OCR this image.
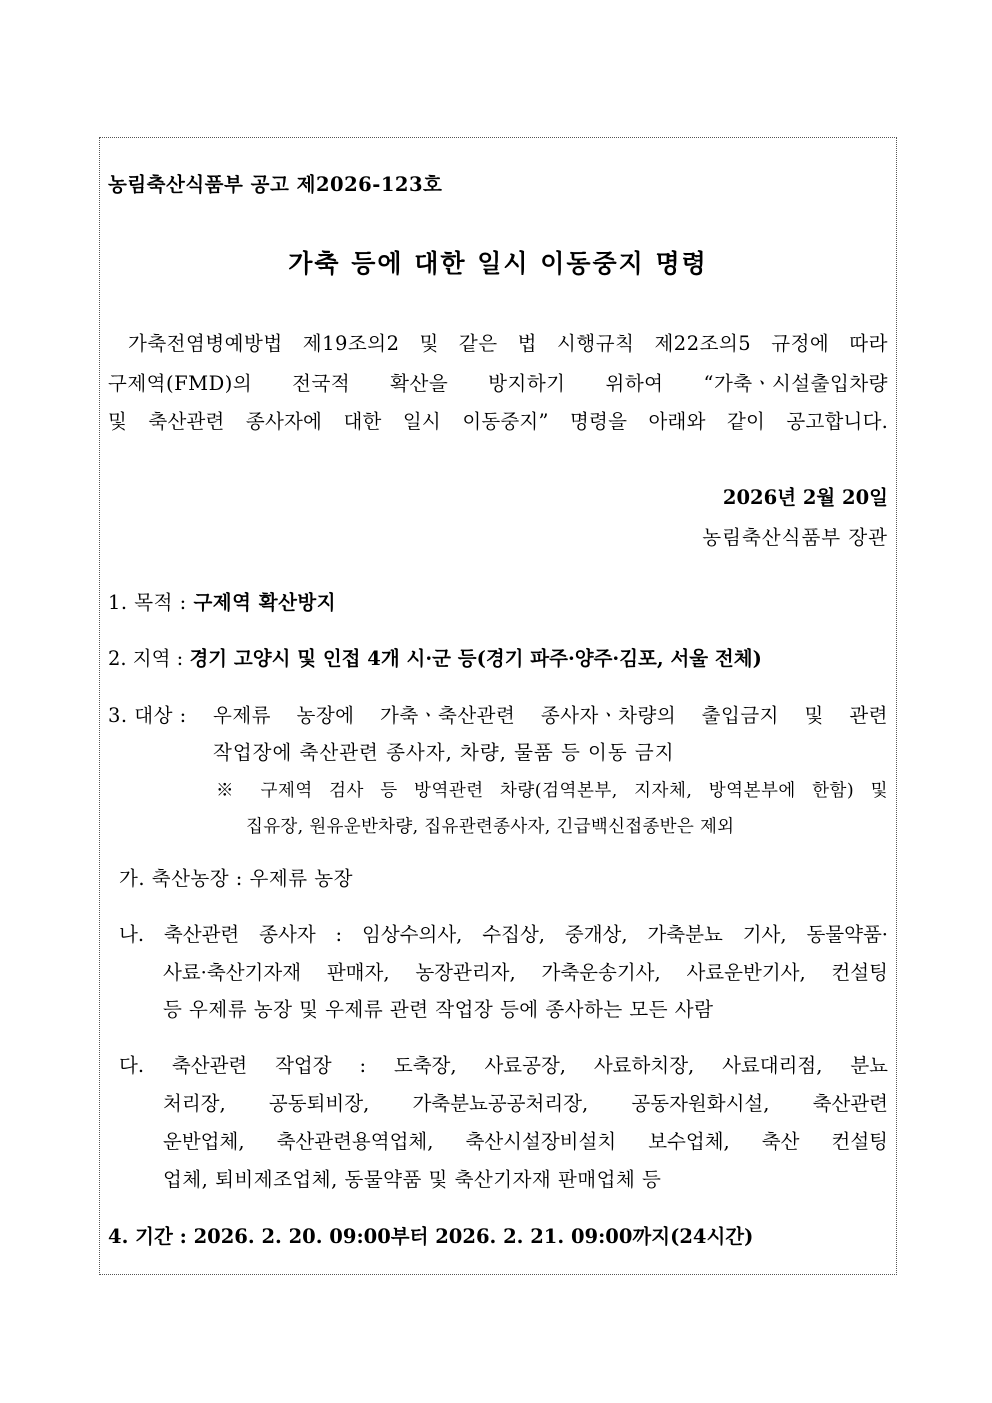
농림축산식품부 공고 제2026-123호
가축 등에 대한 일시 이동중지 명령
가축전염병예방법 제19조의2 및 같은 법 시행규칙 제22조의5 규정에 따라
구제역(FMD)의 전국적 확산을 방지하기 위하여 “가축ㆍ시설출입차량
및 축산관련 종사자에 대한 일시 이동중지” 명령을 아래와 같이 공고합니다.
2026년 2월 20일
농림축산식품부 장관
1. 목적 : 구제역 확산방지
2. 지역 : 경기 고양시 및 인접 4개 시·군 등(경기 파주·양주·김포, 서울 전체)
3. 대상 : 우제류 농장에 가축ㆍ축산관련 종사자ㆍ차량의 출입금지 및 관련
작업장에 축산관련 종사자, 차량, 물품 등 이동 금지
※ 구제역 검사 등 방역관련 차량(검역본부, 지자체, 방역본부에 한함) 및
집유장, 원유운반차량, 집유관련종사자, 긴급백신접종반은 제외
가. 축산농장 : 우제류 농장
나. 축산관련 종사자 : 임상수의사, 수집상, 중개상, 가축분뇨 기사, 동물약품·
사료·축산기자재 판매자, 농장관리자, 가축운송기사, 사료운반기사, 컨설팅
등 우제류 농장 및 우제류 관련 작업장 등에 종사하는 모든 사람
다. 축산관련 작업장 : 도축장, 사료공장, 사료하치장, 사료대리점, 분뇨
처리장, 공동퇴비장, 가축분뇨공공처리장, 공동자원화시설, 축산관련
운반업체, 축산관련용역업체, 축산시설장비설치 보수업체, 축산 컨설팅
업체, 퇴비제조업체, 동물약품 및 축산기자재 판매업체 등
4. 기간 : 2026. 2. 20. 09:00부터 2026. 2. 21. 09:00까지(24시간)
